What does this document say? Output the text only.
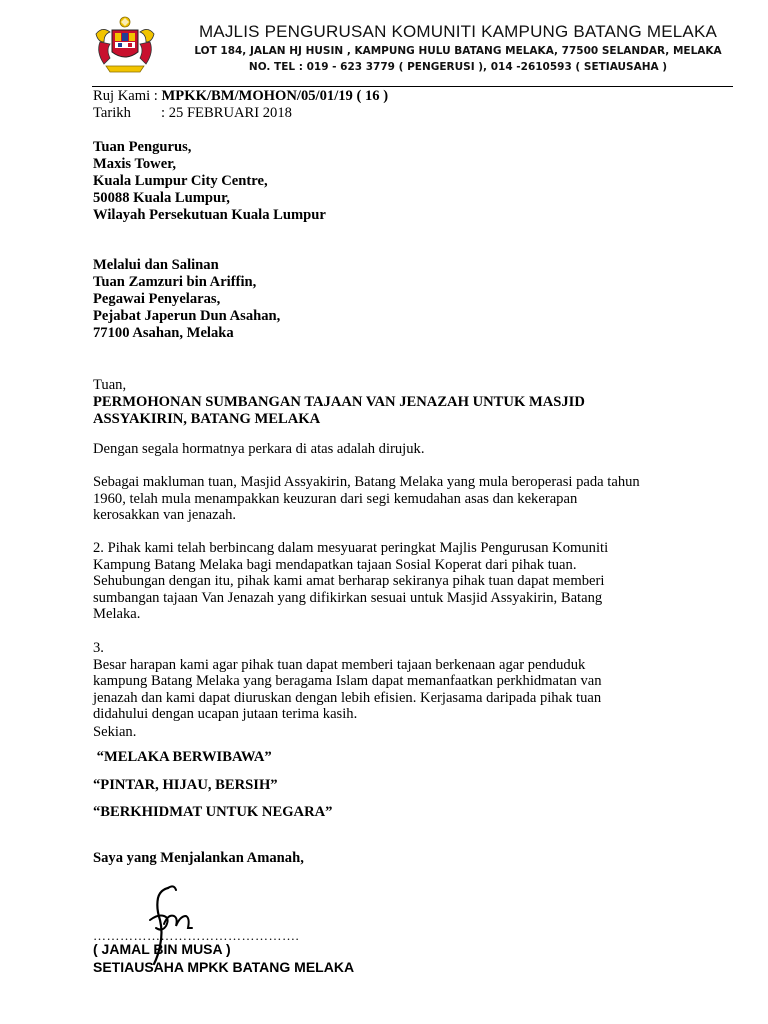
MAJLIS PENGURUSAN KOMUNITI KAMPUNG BATANG MELAKA
LOT 184, JALAN HJ HUSIN , KAMPUNG HULU BATANG MELAKA, 77500 SELANDAR, MELAKA
NO. TEL : 019 - 623 3779 ( PENGERUSI ), 014 -2610593 ( SETIAUSAHA )
Ruj Kami : MPKK/BM/MOHON/05/01/19 ( 16 )
Tarikh : 25 FEBRUARI 2018
Tuan Pengurus,
Maxis Tower,
Kuala Lumpur City Centre,
50088 Kuala Lumpur,
Wilayah Persekutuan Kuala Lumpur
Melalui dan Salinan
Tuan Zamzuri bin Ariffin,
Pegawai Penyelaras,
Pejabat Japerun Dun Asahan,
77100 Asahan, Melaka
Tuan,
PERMOHONAN SUMBANGAN TAJAAN VAN JENAZAH UNTUK MASJID
ASSYAKIRIN, BATANG MELAKA
Dengan segala hormatnya perkara di atas adalah dirujuk.
Sebagai makluman tuan, Masjid Assyakirin, Batang Melaka yang mula beroperasi pada tahun
1960, telah mula menampakkan keuzuran dari segi kemudahan asas dan kekerapan
kerosakkan van jenazah.
2. Pihak kami telah berbincang dalam mesyuarat peringkat Majlis Pengurusan Komuniti
Kampung Batang Melaka bagi mendapatkan tajaan Sosial Koperat dari pihak tuan.
Sehubungan dengan itu, pihak kami amat berharap sekiranya pihak tuan dapat memberi
sumbangan tajaan Van Jenazah yang difikirkan sesuai untuk Masjid Assyakirin, Batang
Melaka.
3.
Besar harapan kami agar pihak tuan dapat memberi tajaan berkenaan agar penduduk
kampung Batang Melaka yang beragama Islam dapat memanfaatkan perkhidmatan van
jenazah dan kami dapat diuruskan dengan lebih efisien. Kerjasama daripada pihak tuan
didahului dengan ucapan jutaan terima kasih.
Sekian.
“MELAKA BERWIBAWA”
“PINTAR, HIJAU, BERSIH”
“BERKHIDMAT UNTUK NEGARA”
Saya yang Menjalankan Amanah,
……………………………………….
( JAMAL BIN MUSA )
SETIAUSAHA MPKK BATANG MELAKA
